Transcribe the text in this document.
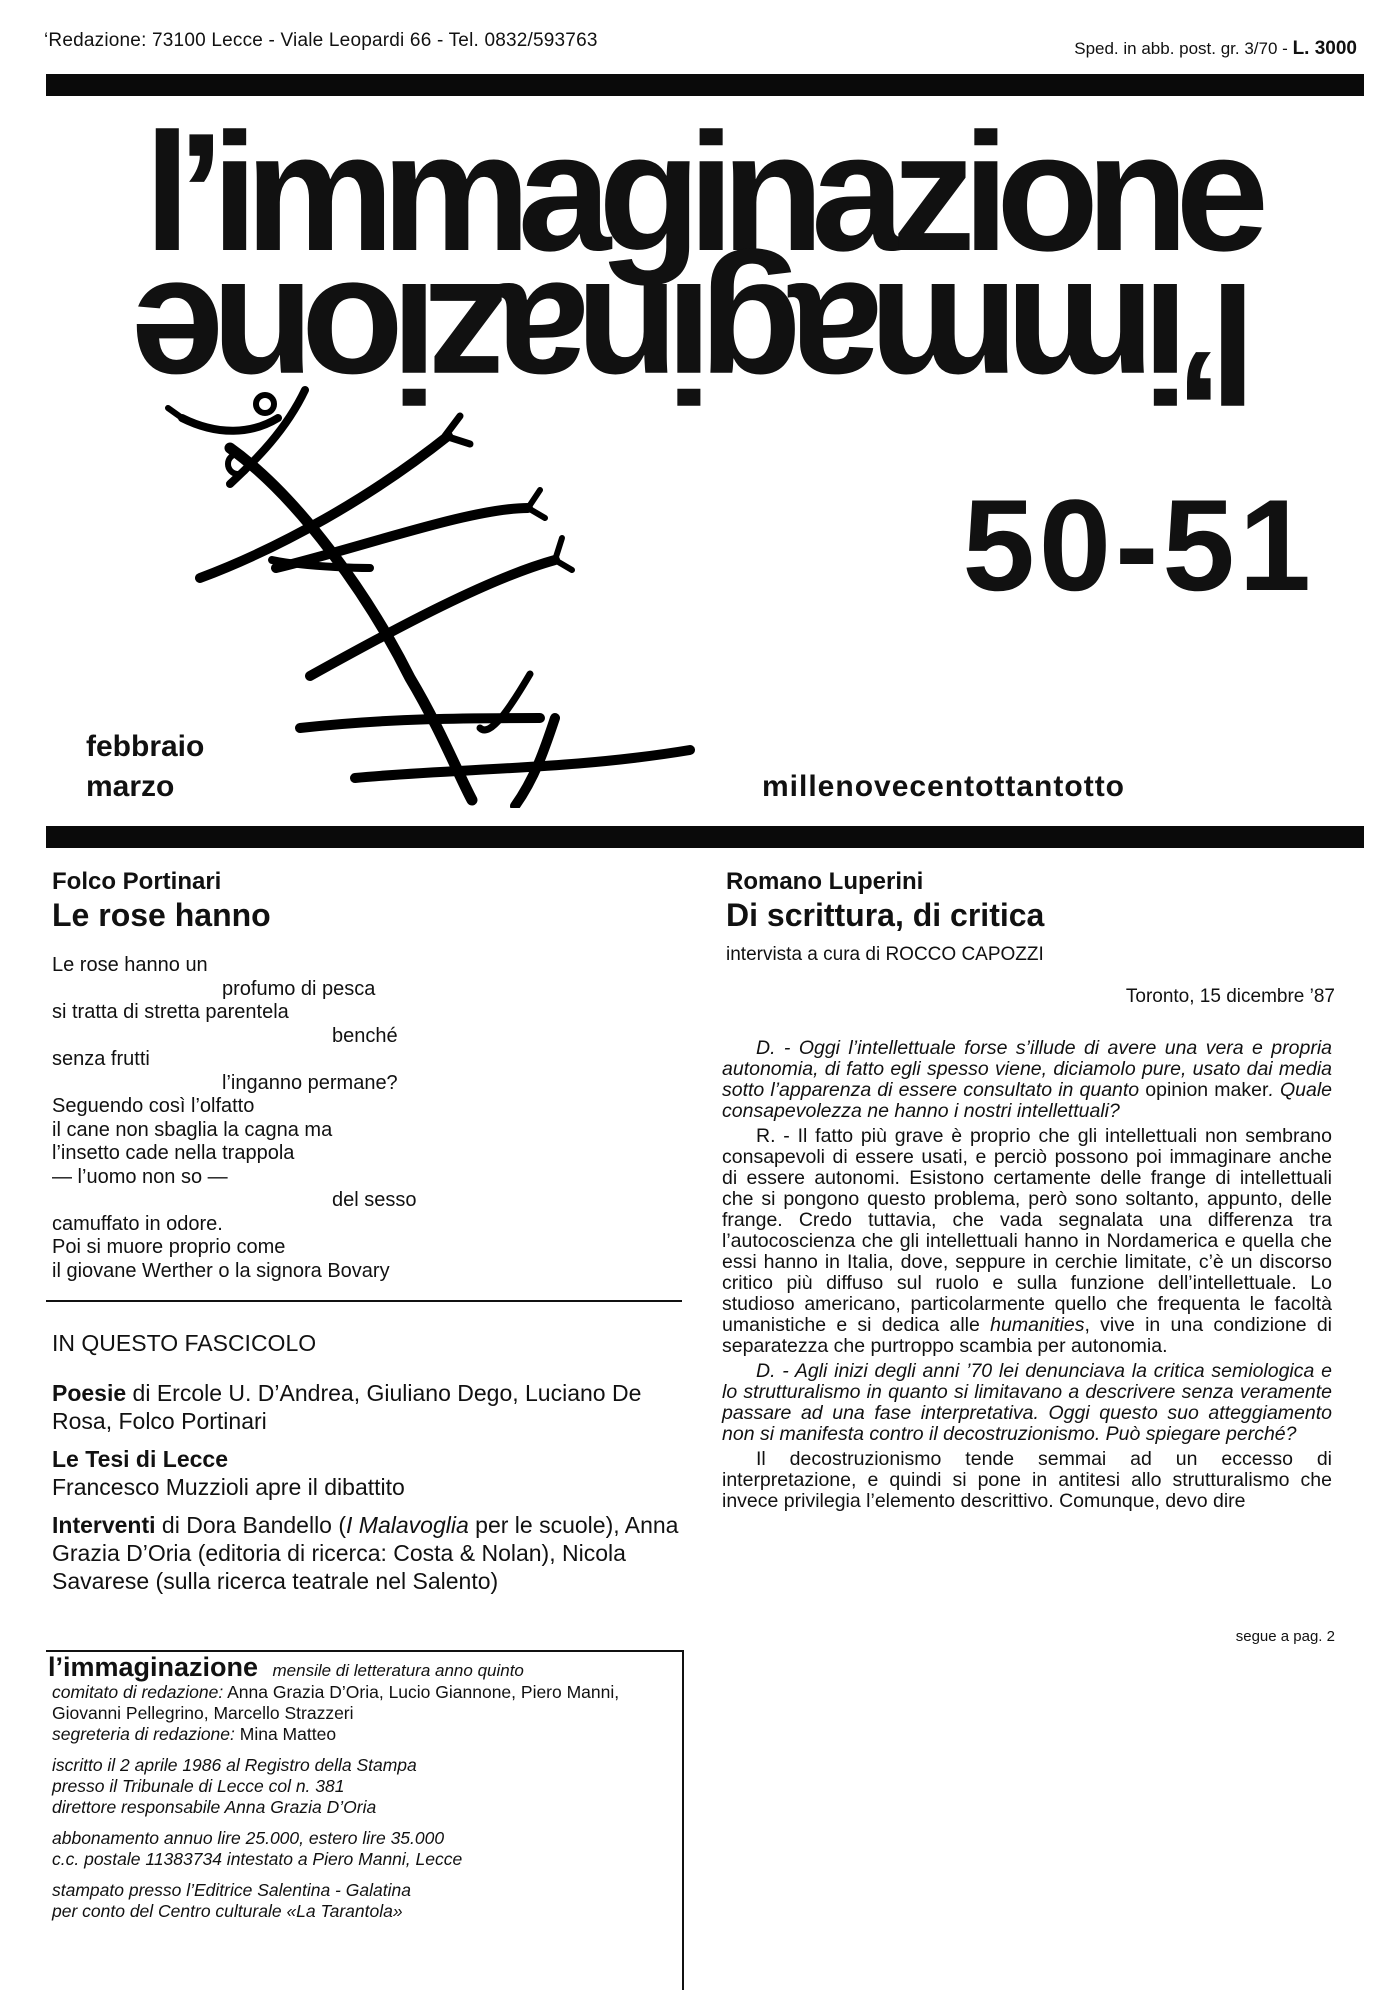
‘Redazione: 73100 Lecce - Viale Leopardi 66 - Tel. 0832/593763	Sped. in abb. post. gr. 3/70 - L. 3000
l’immaginazione
l’immaginazione
50-51
febbraio
marzo	millenovecentottantotto
Folco Portinari
Le rose hanno
Le rose hanno un
profumo di pesca
si tratta di stretta parentela
benché
senza frutti
l’inganno permane?
Seguendo così l’olfatto
il cane non sbaglia la cagna ma
l’insetto cade nella trappola
— l’uomo non so —
del sesso
camuffato in odore.
Poi si muore proprio come
il giovane Werther o la signora Bovary
IN QUESTO FASCICOLO

Poesie di Ercole U. D’Andrea, Giuliano Dego, Luciano De Rosa, Folco Portinari

Le Tesi di Lecce
Francesco Muzzioli apre il dibattito

Interventi di Dora Bandello (I Malavoglia per le scuole), Anna Grazia D’Oria (editoria di ricerca: Costa & Nolan), Nicola Savarese (sulla ricerca teatrale nel Salento)

l’immaginazione mensile di letteratura anno quinto

comitato di redazione: Anna Grazia D’Oria, Lucio Giannone, Piero Manni, Giovanni Pellegrino, Marcello Strazzeri
segreteria di redazione: Mina Matteo

iscritto il 2 aprile 1986 al Registro della Stampa
presso il Tribunale di Lecce col n. 381
direttore responsabile Anna Grazia D’Oria

abbonamento annuo lire 25.000, estero lire 35.000
c.c. postale 11383734 intestato a Piero Manni, Lecce

stampato presso l’Editrice Salentina - Galatina
per conto del Centro culturale «La Tarantola»

Romano Luperini
Di scrittura, di critica
intervista a cura di ROCCO CAPOZZI
Toronto, 15 dicembre ’87

D. - Oggi l’intellettuale forse s’illude di avere una vera e propria autonomia, di fatto egli spesso viene, diciamolo pure, usato dai media sotto l’apparenza di essere consultato in quanto opinion maker. Quale consapevolezza ne hanno i nostri intellettuali?

R. - Il fatto più grave è proprio che gli intellettuali non sembrano consapevoli di essere usati, e perciò possono poi immaginare anche di essere autonomi. Esistono certamente delle frange di intellettuali che si pongono questo problema, però sono soltanto, appunto, delle frange. Credo tuttavia, che vada segnalata una differenza tra l’autocoscienza che gli intellettuali hanno in Nordamerica e quella che essi hanno in Italia, dove, seppure in cerchie limitate, c’è un discorso critico più diffuso sul ruolo e sulla funzione dell’intellettuale. Lo studioso americano, particolarmente quello che frequenta le facoltà umanistiche e si dedica alle humanities, vive in una condizione di separatezza che purtroppo scambia per autonomia.

D. - Agli inizi degli anni ’70 lei denunciava la critica semiologica e lo strutturalismo in quanto si limitavano a descrivere senza veramente passare ad una fase interpretativa. Oggi questo suo atteggiamento non si manifesta contro il decostruzionismo. Può spiegare perché?

Il decostruzionismo tende semmai ad un eccesso di interpretazione, e quindi si pone in antitesi allo strutturalismo che invece privilegia l’elemento descrittivo. Comunque, devo dire

segue a pag. 2
